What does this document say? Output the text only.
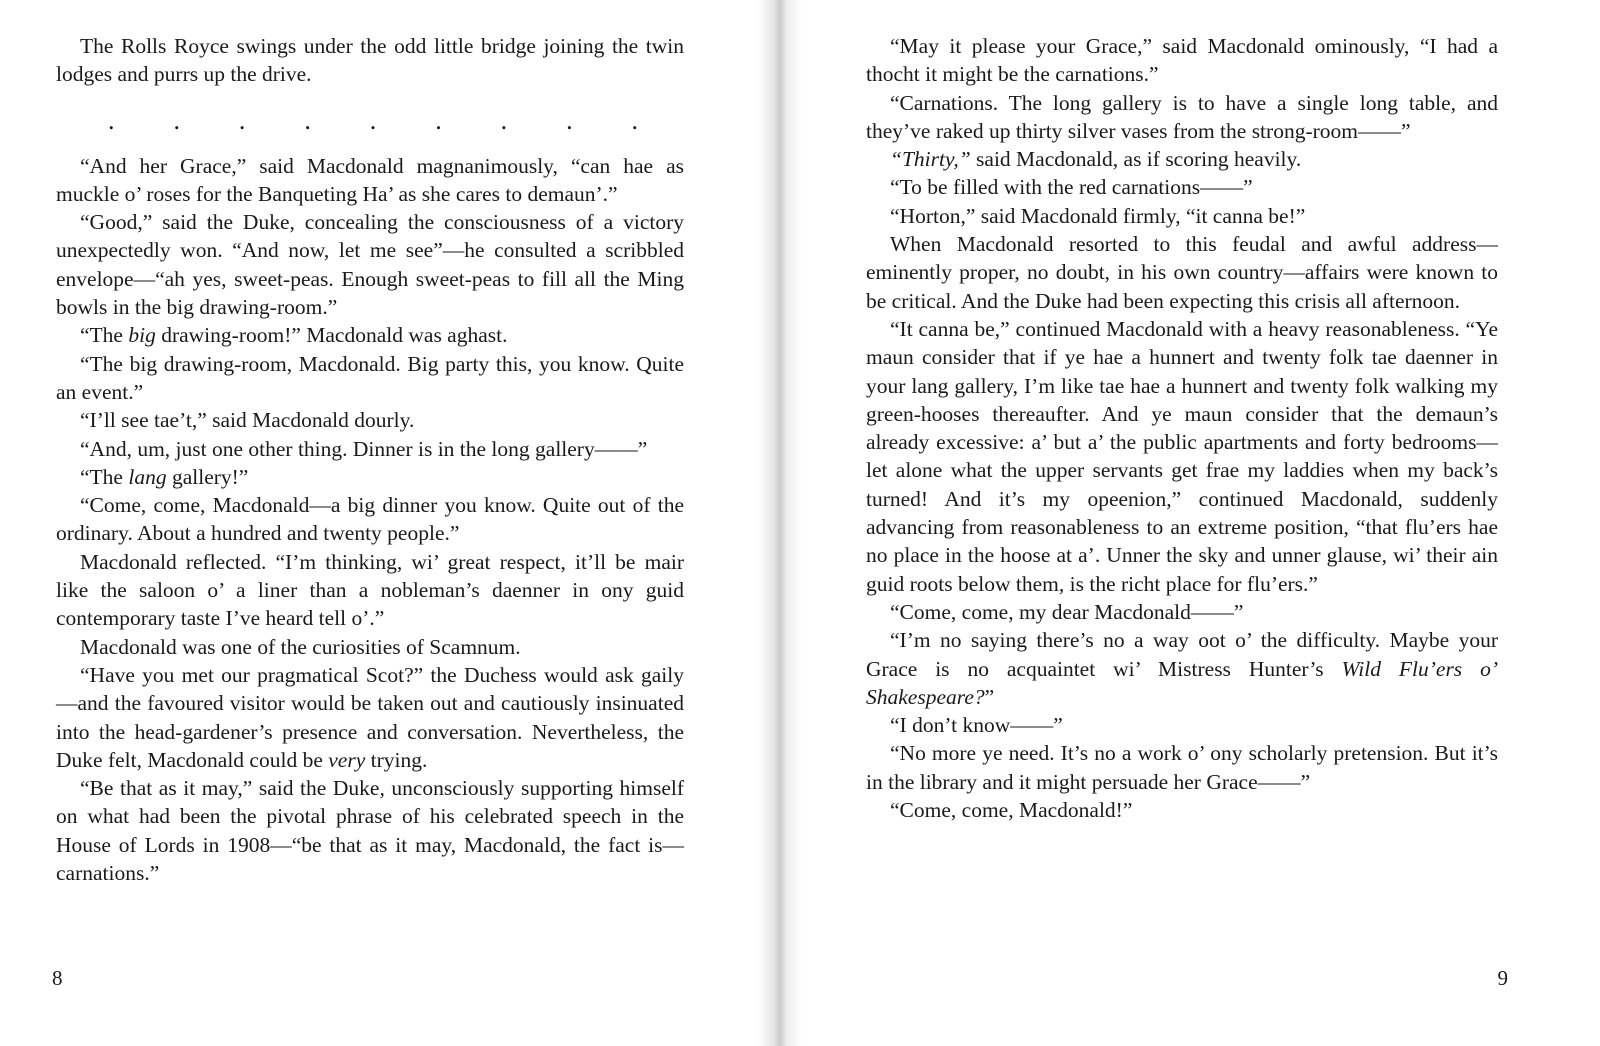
The Rolls Royce swings under the odd little bridge joining the twin lodges and purrs up the drive.

. . . . . . . . .

“And her Grace,” said Macdonald magnanimously, “can hae as muckle o’ roses for the Banqueting Ha’ as she cares to demaun’.”

“Good,” said the Duke, concealing the consciousness of a victory unexpectedly won. “And now, let me see”—he consulted a scribbled envelope—“ah yes, sweet-peas. Enough sweet-peas to fill all the Ming bowls in the big drawing-room.”

“The big drawing-room!” Macdonald was aghast.

“The big drawing-room, Macdonald. Big party this, you know. Quite an event.”

“I’ll see tae’t,” said Macdonald dourly.

“And, um, just one other thing. Dinner is in the long gallery——”

“The lang gallery!”

“Come, come, Macdonald—a big dinner you know. Quite out of the ordinary. About a hundred and twenty people.”

Macdonald reflected. “I’m thinking, wi’ great respect, it’ll be mair like the saloon o’ a liner than a nobleman’s daenner in ony guid contemporary taste I’ve heard tell o’.”

Macdonald was one of the curiosities of Scamnum.

“Have you met our pragmatical Scot?” the Duchess would ask gaily—and the favoured visitor would be taken out and cautiously insinuated into the head-gardener’s presence and conversation. Nevertheless, the Duke felt, Macdonald could be very trying.

“Be that as it may,” said the Duke, unconsciously supporting himself on what had been the pivotal phrase of his celebrated speech in the House of Lords in 1908—“be that as it may, Macdonald, the fact is—carnations.”

8

“May it please your Grace,” said Macdonald ominously, “I had a thocht it might be the carnations.”

“Carnations. The long gallery is to have a single long table, and they’ve raked up thirty silver vases from the strong-room——”

“Thirty,” said Macdonald, as if scoring heavily.

“To be filled with the red carnations——”

“Horton,” said Macdonald firmly, “it canna be!”

When Macdonald resorted to this feudal and awful address—eminently proper, no doubt, in his own country—affairs were known to be critical. And the Duke had been expecting this crisis all afternoon.

“It canna be,” continued Macdonald with a heavy reasonableness. “Ye maun consider that if ye hae a hunnert and twenty folk tae daenner in your lang gallery, I’m like tae hae a hunnert and twenty folk walking my green-hooses thereaufter. And ye maun consider that the demaun’s already excessive: a’ but a’ the public apartments and forty bedrooms—let alone what the upper servants get frae my laddies when my back’s turned! And it’s my opeenion,” continued Macdonald, suddenly advancing from reasonableness to an extreme position, “that flu’ers hae no place in the hoose at a’. Unner the sky and unner glause, wi’ their ain guid roots below them, is the richt place for flu’ers.”

“Come, come, my dear Macdonald——”

“I’m no saying there’s no a way oot o’ the difficulty. Maybe your Grace is no acquaintet wi’ Mistress Hunter’s Wild Flu’ers o’ Shakespeare?”

“I don’t know——”

“No more ye need. It’s no a work o’ ony scholarly pretension. But it’s in the library and it might persuade her Grace——”

“Come, come, Macdonald!”

9
